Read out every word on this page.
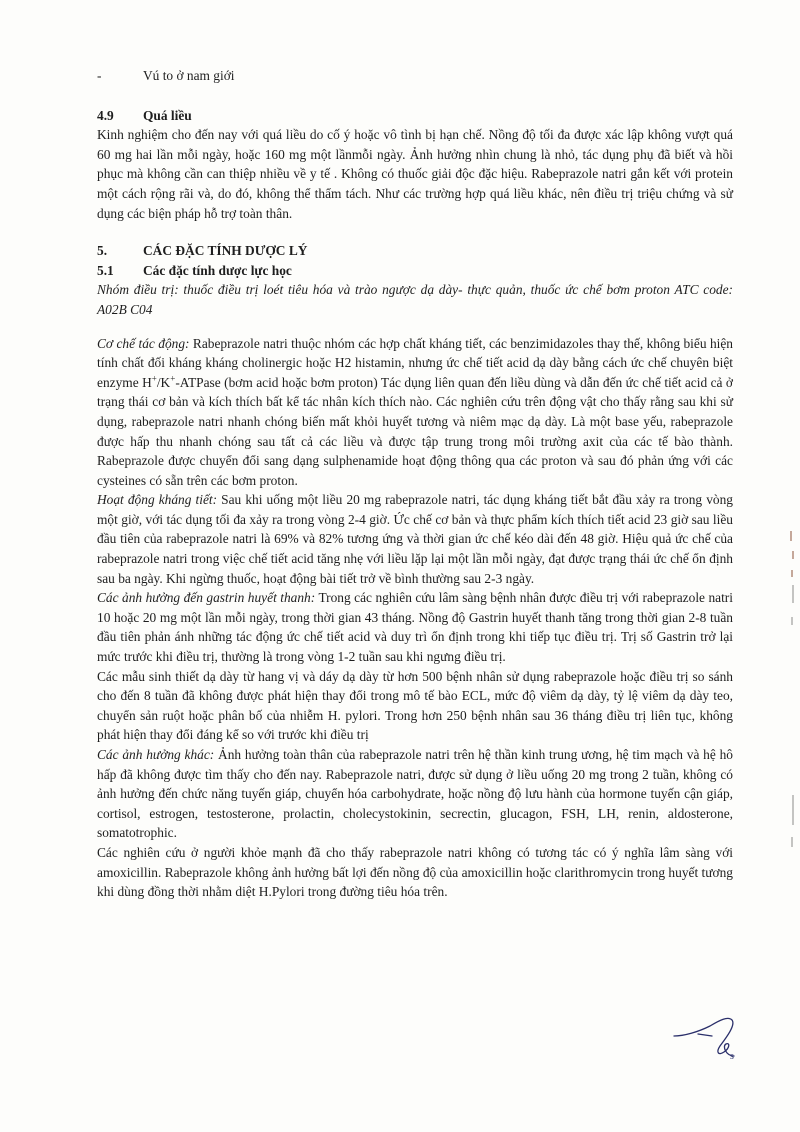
-	Vú to ở nam giới
4.9	Quá liều

Kinh nghiệm cho đến nay với quá liều do cố ý hoặc vô tình bị hạn chế. Nồng độ tối đa được xác lập không vượt quá 60 mg hai lần mỗi ngày, hoặc 160 mg một lầnmỗi ngày. Ảnh hưởng nhìn chung là nhỏ, tác dụng phụ đã biết và hồi phục mà không cần can thiệp nhiều về y tế . Không có thuốc giải độc đặc hiệu. Rabeprazole natri gắn kết với protein một cách rộng rãi và, do đó, không thể thẩm tách. Như các trường hợp quá liều khác, nên điều trị triệu chứng và sử dụng các biện pháp hỗ trợ toàn thân.

5.	CÁC ĐẶC TÍNH DƯỢC LÝ
5.1	Các đặc tính dược lực học

Nhóm điều trị: thuốc điều trị loét tiêu hóa và trào ngược dạ dày- thực quản, thuốc ức chế bơm proton ATC code: A02B C04

Cơ chế tác động: Rabeprazole natri thuộc nhóm các hợp chất kháng tiết, các benzimidazoles thay thế, không biểu hiện tính chất đối kháng kháng cholinergic hoặc H2 histamin, nhưng ức chế tiết acid dạ dày bằng cách ức chế chuyên biệt enzyme H+/K+-ATPase (bơm acid hoặc bơm proton) Tác dụng liên quan đến liều dùng và dẫn đến ức chế tiết acid cả ở trạng thái cơ bản và kích thích bất kể tác nhân kích thích nào. Các nghiên cứu trên động vật cho thấy rằng sau khi sử dụng, rabeprazole natri nhanh chóng biến mất khỏi huyết tương và niêm mạc dạ dày. Là một base yếu, rabeprazole được hấp thu nhanh chóng sau tất cả các liều và được tập trung trong môi trường axit của các tế bào thành. Rabeprazole được chuyển đổi sang dạng sulphenamide hoạt động thông qua các proton và sau đó phản ứng với các cysteines có sẵn trên các bơm proton.

Hoạt động kháng tiết: Sau khi uống một liều 20 mg rabeprazole natri, tác dụng kháng tiết bắt đầu xảy ra trong vòng một giờ, với tác dụng tối đa xảy ra trong vòng 2-4 giờ. Ức chế cơ bản và thực phẩm kích thích tiết acid 23 giờ sau liều đầu tiên của rabeprazole natri là 69% và 82% tương ứng và thời gian ức chế kéo dài đến 48 giờ. Hiệu quả ức chế của rabeprazole natri trong việc chế tiết acid tăng nhẹ với liều lặp lại một lần mỗi ngày, đạt được trạng thái ức chế ổn định sau ba ngày. Khi ngừng thuốc, hoạt động bài tiết trở về bình thường sau 2-3 ngày.

Các ảnh hưởng đến gastrin huyết thanh: Trong các nghiên cứu lâm sàng bệnh nhân được điều trị với rabeprazole natri 10 hoặc 20 mg một lần mỗi ngày, trong thời gian 43 tháng. Nồng độ Gastrin huyết thanh tăng trong thời gian 2-8 tuần đầu tiên phản ánh những tác động ức chế tiết acid và duy trì ổn định trong khi tiếp tục điều trị. Trị số Gastrin trở lại mức trước khi điều trị, thường là trong vòng 1-2 tuần sau khi ngưng điều trị.

Các mẫu sinh thiết dạ dày từ hang vị và dáy dạ dày từ hơn 500 bệnh nhân sử dụng rabeprazole hoặc điều trị so sánh cho đến 8 tuần đã không được phát hiện thay đổi trong mô tế bào ECL, mức độ viêm dạ dày, tỷ lệ viêm dạ dày teo, chuyển sản ruột hoặc phân bố của nhiễm H. pylori. Trong hơn 250 bệnh nhân sau 36 tháng điều trị liên tục, không phát hiện thay đổi đáng kể so với trước khi điều trị

Các ảnh hưởng khác: Ảnh hưởng toàn thân của rabeprazole natri trên hệ thần kinh trung ương, hệ tim mạch và hệ hô hấp đã không được tìm thấy cho đến nay. Rabeprazole natri, được sử dụng ở liều uống 20 mg trong 2 tuần, không có ảnh hưởng đến chức năng tuyến giáp, chuyển hóa carbohydrate, hoặc nồng độ lưu hành của hormone tuyến cận giáp, cortisol, estrogen, testosterone, prolactin, cholecystokinin, secrectin, glucagon, FSH, LH, renin, aldosterone, somatotrophic.

Các nghiên cứu ở người khỏe mạnh đã cho thấy rabeprazole natri không có tương tác có ý nghĩa lâm sàng với amoxicillin. Rabeprazole không ảnh hưởng bất lợi đến nồng độ của amoxicillin hoặc clarithromycin trong huyết tương khi dùng đồng thời nhằm diệt H.Pylori trong đường tiêu hóa trên.

s
